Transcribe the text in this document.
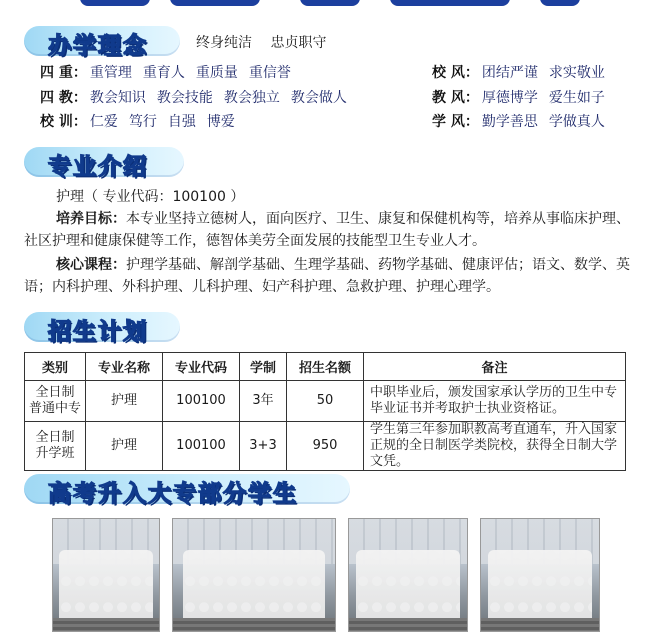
办学理念	终身纯洁 忠贞职守
四 重： 重管理 重育人 重质量 重信誉
四 教： 教会知识 教会技能 教会独立 教会做人
校 训： 仁爱 笃行 自强 博爱
校 风： 团结严谨 求实敬业
教 风： 厚德博学 爱生如子
学 风： 勤学善思 学做真人
专业介绍
护理（ 专业代码：100100 ）
培养目标：本专业坚持立德树人，面向医疗、卫生、康复和保健机构等，培养从事临床护理、社区护理和健康保健等工作，德智体美劳全面发展的技能型卫生专业人才。
核心课程：护理学基础、解剖学基础、生理学基础、药物学基础、健康评估；语文、数学、英语；内科护理、外科护理、儿科护理、妇产科护理、急救护理、护理心理学。
招生计划
类别	专业名称	专业代码	学制	招生名额	备注
全日制
普通中专	护理	100100	3年	50	中职毕业后，颁发国家承认学历的卫生中专毕业证书并考取护士执业资格证。
全日制
升学班	护理	100100	3+3	950	学生第三年参加职教高考直通车，升入国家正规的全日制医学类院校，获得全日制大学文凭。
高考升入大专部分学生
